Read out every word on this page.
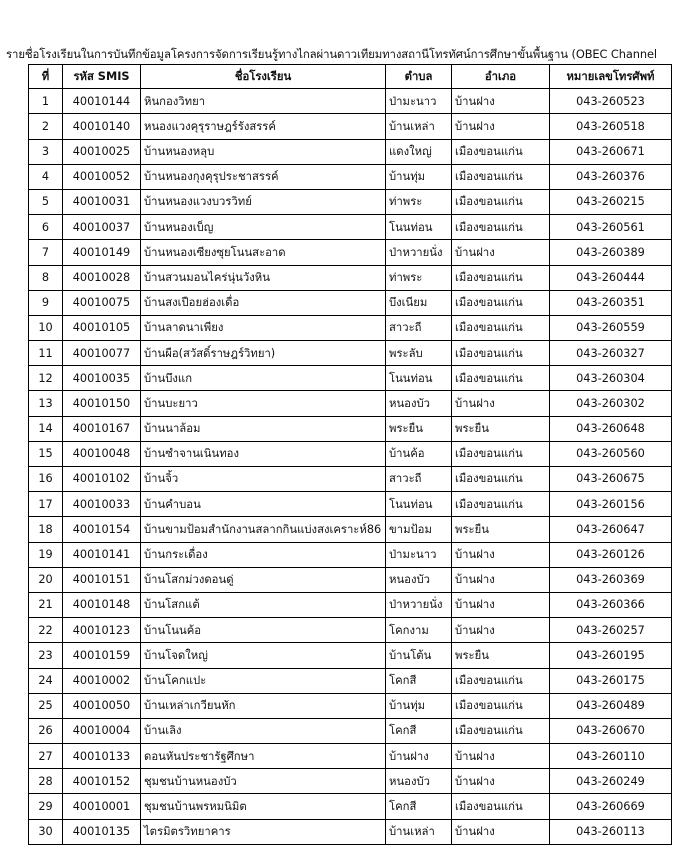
รายชื่อโรงเรียนในการบันทึกข้อมูลโครงการจัดการเรียนรู้ทางไกลผ่านดาวเทียมทางสถานีโทรทัศน์การศึกษาขั้นพื้นฐาน (OBEC Channel
ที่	รหัส SMIS	ชื่อโรงเรียน	ตำบล	อำเภอ	หมายเลขโทรศัพท์
1	40010144	หินกองวิทยา	ป่ามะนาว	บ้านฝาง	043-260523
2	40010140	หนองแวงคุรุราษฎร์รังสรรค์	บ้านเหล่า	บ้านฝาง	043-260518
3	40010025	บ้านหนองหลุบ	แดงใหญ่	เมืองขอนแก่น	043-260671
4	40010052	บ้านหนองกุงคุรุประชาสรรค์	บ้านทุ่ม	เมืองขอนแก่น	043-260376
5	40010031	บ้านหนองแวงบวรวิทย์	ท่าพระ	เมืองขอนแก่น	043-260215
6	40010037	บ้านหนองเบ็ญ	โนนท่อน	เมืองขอนแก่น	043-260561
7	40010149	บ้านหนองเซียงซุยโนนสะอาด	ป่าหวายนั่ง	บ้านฝาง	043-260389
8	40010028	บ้านสวนมอนไคร่นุ่นวังหิน	ท่าพระ	เมืองขอนแก่น	043-260444
9	40010075	บ้านสงเปือยฮ่องเดื่อ	บึงเนียม	เมืองขอนแก่น	043-260351
10	40010105	บ้านลาดนาเพียง	สาวะถี	เมืองขอนแก่น	043-260559
11	40010077	บ้านผือ(สวัสดิ์ราษฎร์วิทยา)	พระลับ	เมืองขอนแก่น	043-260327
12	40010035	บ้านบึงแก	โนนท่อน	เมืองขอนแก่น	043-260304
13	40010150	บ้านบะยาว	หนองบัว	บ้านฝาง	043-260302
14	40010167	บ้านนาล้อม	พระยืน	พระยืน	043-260648
15	40010048	บ้านซำจานเนินทอง	บ้านค้อ	เมืองขอนแก่น	043-260560
16	40010102	บ้านจิ้ว	สาวะถี	เมืองขอนแก่น	043-260675
17	40010033	บ้านคำบอน	โนนท่อน	เมืองขอนแก่น	043-260156
18	40010154	บ้านขามป้อมสำนักงานสลากกินแบ่งสงเคราะห์86	ขามป้อม	พระยืน	043-260647
19	40010141	บ้านกระเดื่อง	ป่ามะนาว	บ้านฝาง	043-260126
20	40010151	บ้านโสกม่วงดอนดู่	หนองบัว	บ้านฝาง	043-260369
21	40010148	บ้านโสกแต้	ป่าหวายนั่ง	บ้านฝาง	043-260366
22	40010123	บ้านโนนค้อ	โคกงาม	บ้านฝาง	043-260257
23	40010159	บ้านโจดใหญ่	บ้านโต้น	พระยืน	043-260195
24	40010002	บ้านโคกแปะ	โคกสี	เมืองขอนแก่น	043-260175
25	40010050	บ้านเหล่าเกวียนหัก	บ้านทุ่ม	เมืองขอนแก่น	043-260489
26	40010004	บ้านเลิง	โคกสี	เมืองขอนแก่น	043-260670
27	40010133	ดอนหันประชารัฐศึกษา	บ้านฝาง	บ้านฝาง	043-260110
28	40010152	ชุมชนบ้านหนองบัว	หนองบัว	บ้านฝาง	043-260249
29	40010001	ชุมชนบ้านพรหมนิมิต	โคกสี	เมืองขอนแก่น	043-260669
30	40010135	ไตรมิตรวิทยาคาร	บ้านเหล่า	บ้านฝาง	043-260113
